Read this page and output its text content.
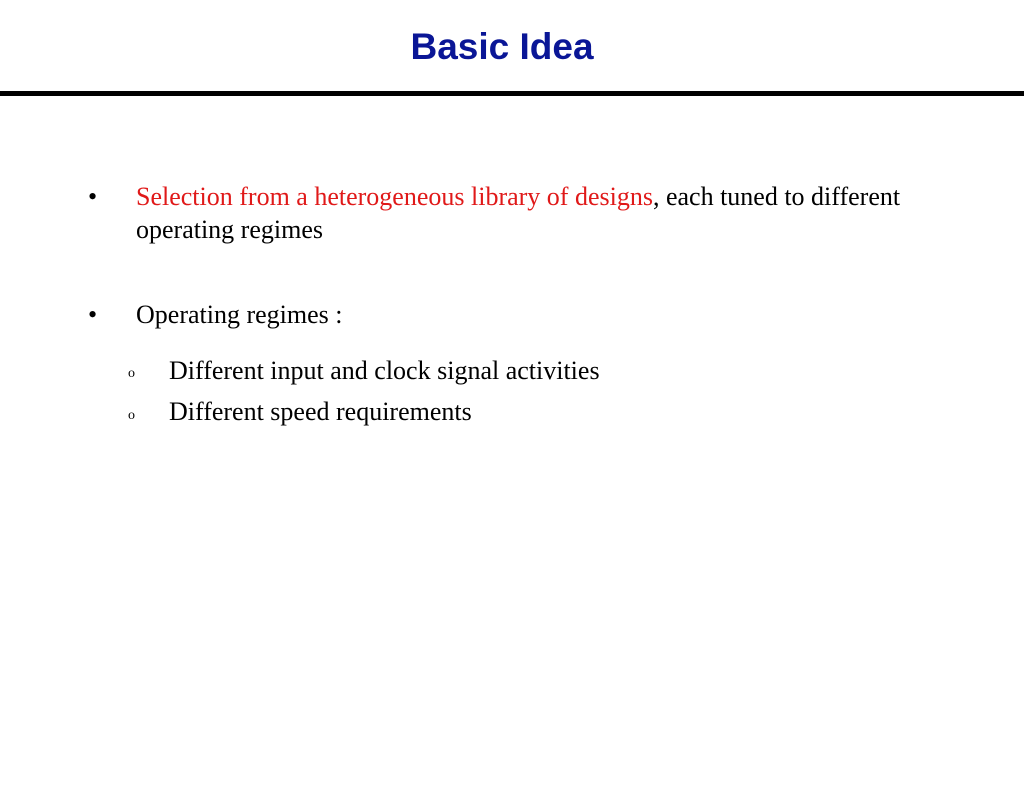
Basic Idea
• Selection from a heterogeneous library of designs, each tuned to different operating regimes
• Operating regimes :
o Different input and clock signal activities
o Different speed requirements
